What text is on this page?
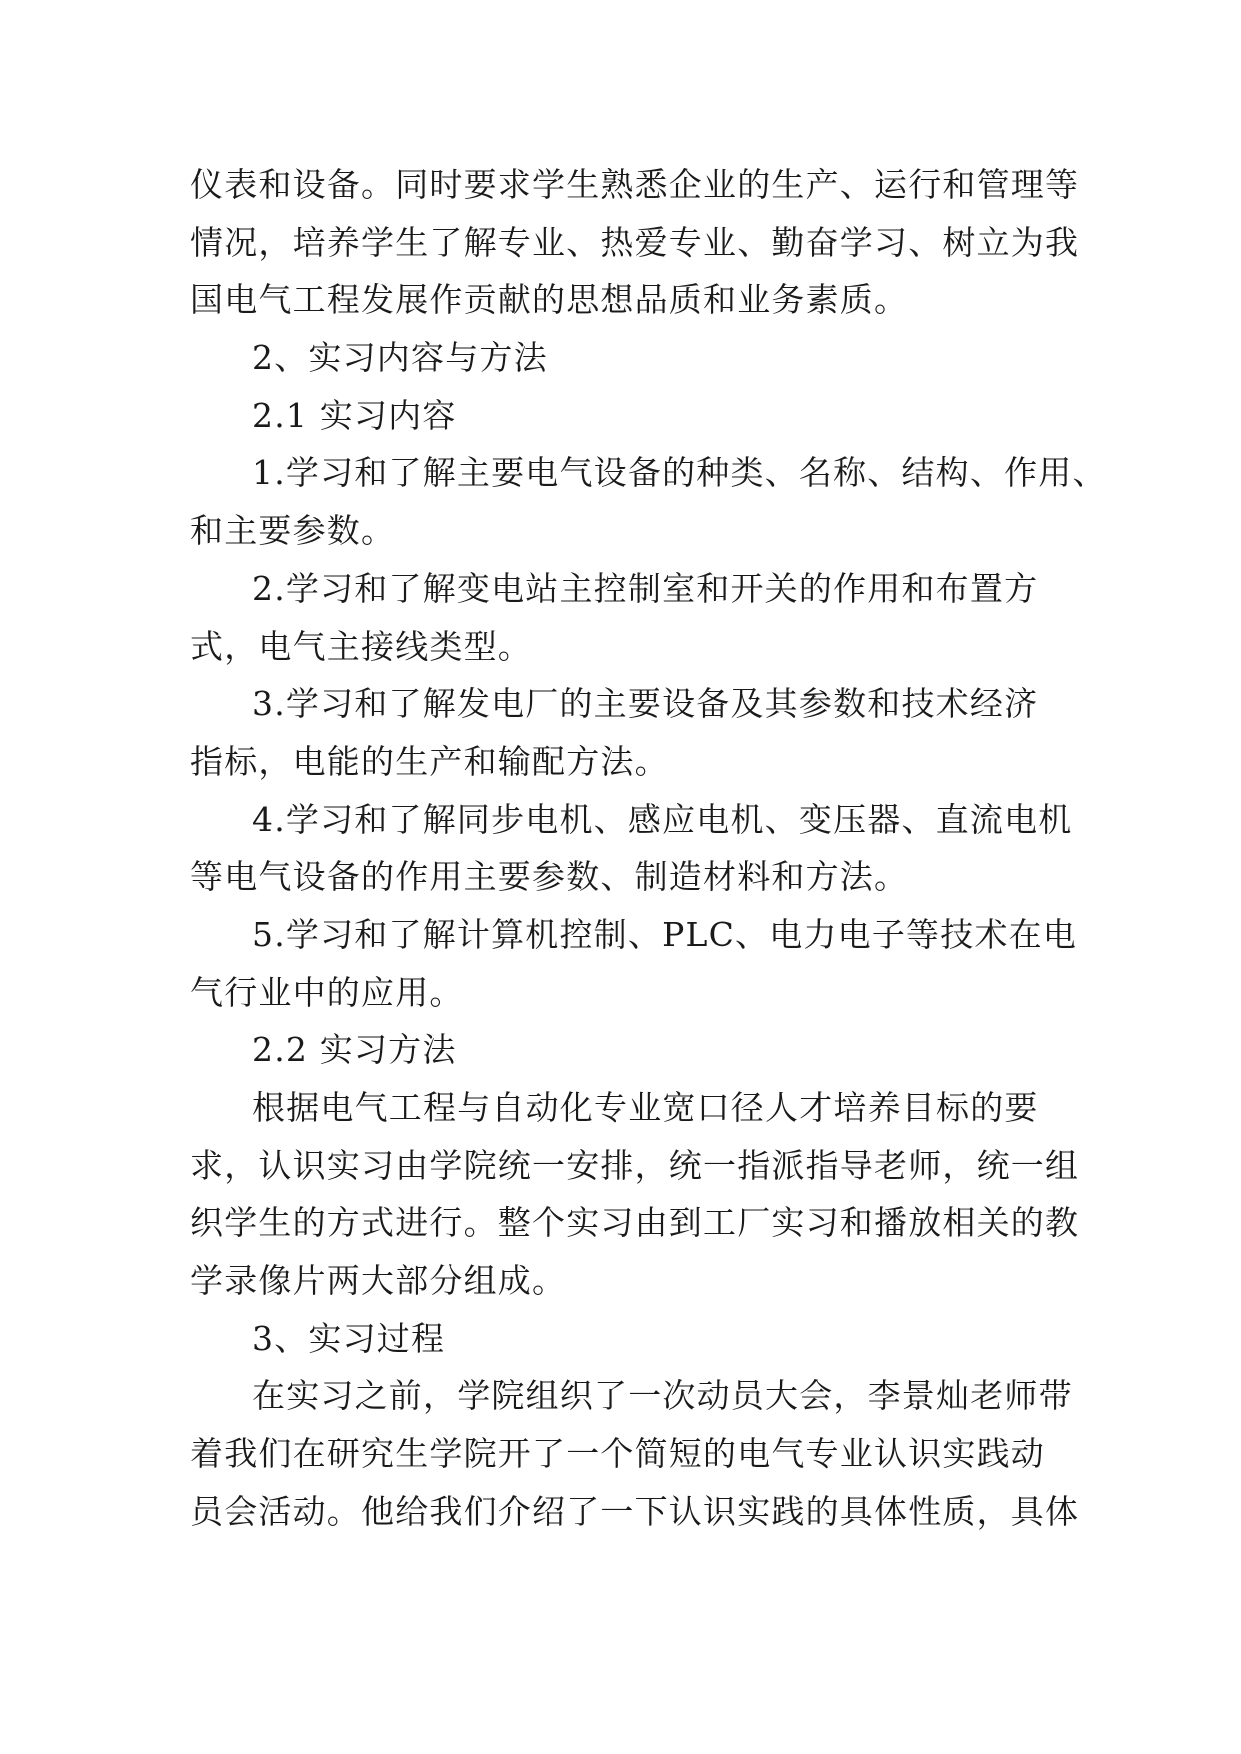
仪表和设备。同时要求学生熟悉企业的生产、运行和管理等
情况，培养学生了解专业、热爱专业、勤奋学习、树立为我
国电气工程发展作贡献的思想品质和业务素质。
2、实习内容与方法
2.1 实习内容
1.学习和了解主要电气设备的种类、名称、结构、作用、
和主要参数。
2.学习和了解变电站主控制室和开关的作用和布置方
式，电气主接线类型。
3.学习和了解发电厂的主要设备及其参数和技术经济
指标，电能的生产和输配方法。
4.学习和了解同步电机、感应电机、变压器、直流电机
等电气设备的作用主要参数、制造材料和方法。
5.学习和了解计算机控制、PLC、电力电子等技术在电
气行业中的应用。
2.2 实习方法
根据电气工程与自动化专业宽口径人才培养目标的要
求，认识实习由学院统一安排，统一指派指导老师，统一组
织学生的方式进行。整个实习由到工厂实习和播放相关的教
学录像片两大部分组成。
3、实习过程
在实习之前，学院组织了一次动员大会，李景灿老师带
着我们在研究生学院开了一个简短的电气专业认识实践动
员会活动。他给我们介绍了一下认识实践的具体性质，具体
